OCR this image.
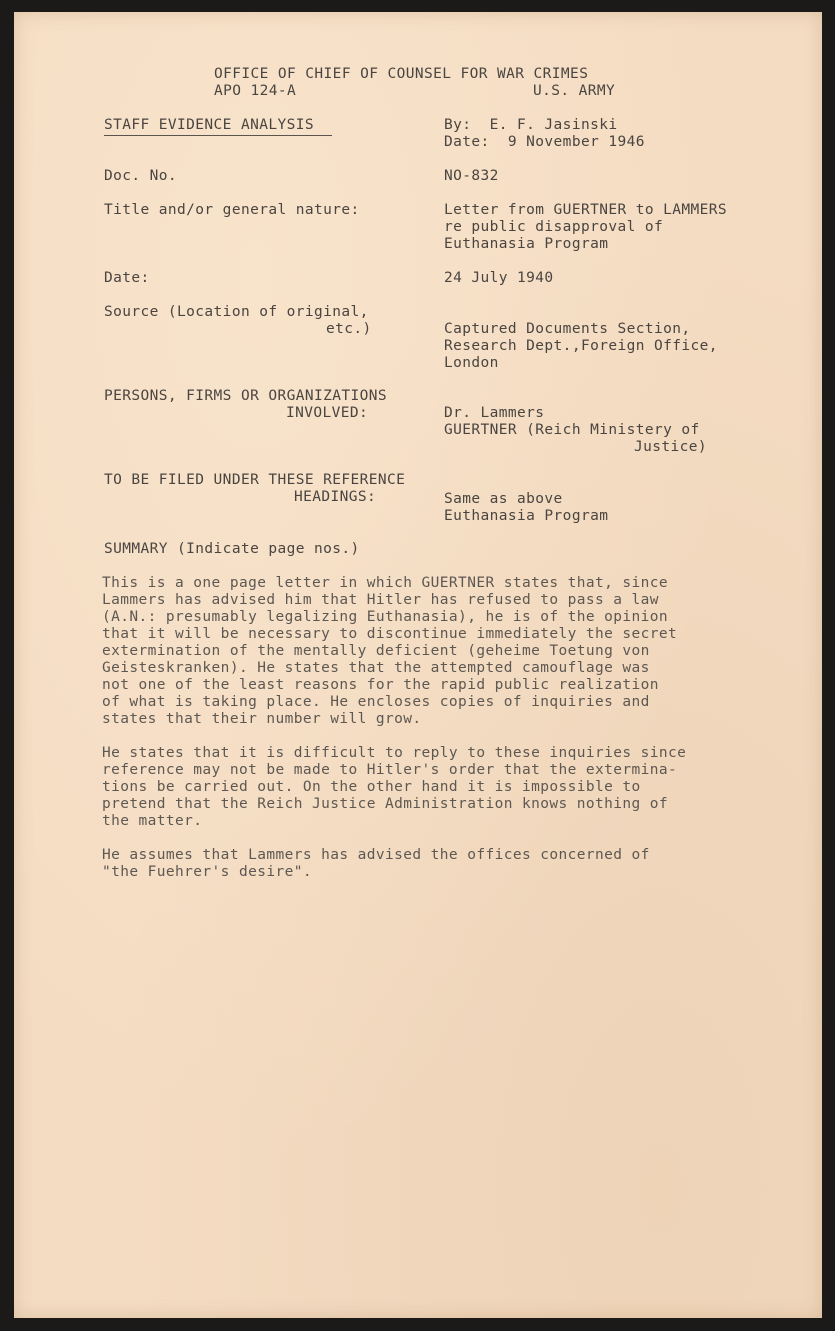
OFFICE OF CHIEF OF COUNSEL FOR WAR CRIMES
APO 124-A	U.S. ARMY
STAFF EVIDENCE ANALYSIS	By:  E. F. Jasinski
Date:  9 November 1946
Doc. No.	NO-832
Title and/or general nature:	Letter from GUERTNER to LAMMERS
re public disapproval of
Euthanasia Program
Date:	24 July 1940
Source (Location of original,
etc.)	Captured Documents Section,
Research Dept.,Foreign Office,
London
PERSONS, FIRMS OR ORGANIZATIONS
INVOLVED:	Dr. Lammers
GUERTNER (Reich Ministery of
Justice)
TO BE FILED UNDER THESE REFERENCE
HEADINGS:	Same as above
Euthanasia Program
SUMMARY (Indicate page nos.)
This is a one page letter in which GUERTNER states that, since
Lammers has advised him that Hitler has refused to pass a law
(A.N.: presumably legalizing Euthanasia), he is of the opinion
that it will be necessary to discontinue immediately the secret
extermination of the mentally deficient (geheime Toetung von
Geisteskranken). He states that the attempted camouflage was
not one of the least reasons for the rapid public realization
of what is taking place. He encloses copies of inquiries and
states that their number will grow.
He states that it is difficult to reply to these inquiries since
reference may not be made to Hitler's order that the extermina-
tions be carried out. On the other hand it is impossible to
pretend that the Reich Justice Administration knows nothing of
the matter.
He assumes that Lammers has advised the offices concerned of
"the Fuehrer's desire".
